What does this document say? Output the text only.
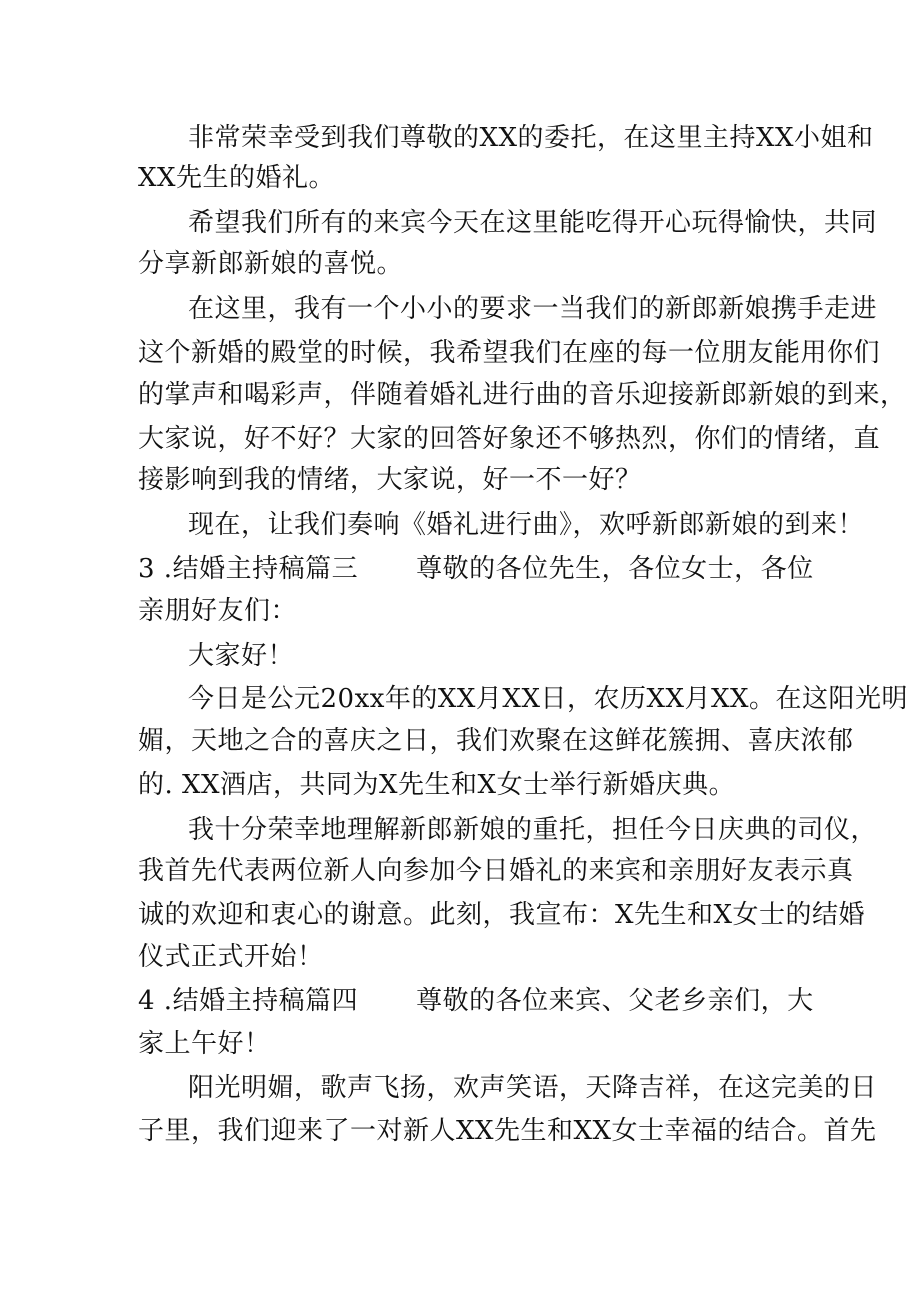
非常荣幸受到我们尊敬的XX的委托，在这里主持XX小姐和
XX先生的婚礼。
希望我们所有的来宾今天在这里能吃得开心玩得愉快，共同
分享新郎新娘的喜悦。
在这里，我有一个小小的要求一当我们的新郎新娘携手走进
这个新婚的殿堂的时候，我希望我们在座的每一位朋友能用你们
的掌声和喝彩声，伴随着婚礼进行曲的音乐迎接新郎新娘的到来，
大家说，好不好？大家的回答好象还不够热烈，你们的情绪，直
接影响到我的情绪，大家说，好一不一好？
现在，让我们奏响《婚礼进行曲》，欢呼新郎新娘的到来！
3 .结婚主持稿篇三 尊敬的各位先生，各位女士，各位
亲朋好友们：
大家好！
今日是公元20xx年的XX月XX日，农历XX月XX。在这阳光明
媚，天地之合的喜庆之日，我们欢聚在这鲜花簇拥、喜庆浓郁
的. XX酒店，共同为X先生和X女士举行新婚庆典。
我十分荣幸地理解新郎新娘的重托，担任今日庆典的司仪，
我首先代表两位新人向参加今日婚礼的来宾和亲朋好友表示真
诚的欢迎和衷心的谢意。此刻，我宣布：X先生和X女士的结婚
仪式正式开始！
4 .结婚主持稿篇四 尊敬的各位来宾、父老乡亲们，大
家上午好！
阳光明媚，歌声飞扬，欢声笑语，天降吉祥，在这完美的日
子里，我们迎来了一对新人XX先生和XX女士幸福的结合。首先
